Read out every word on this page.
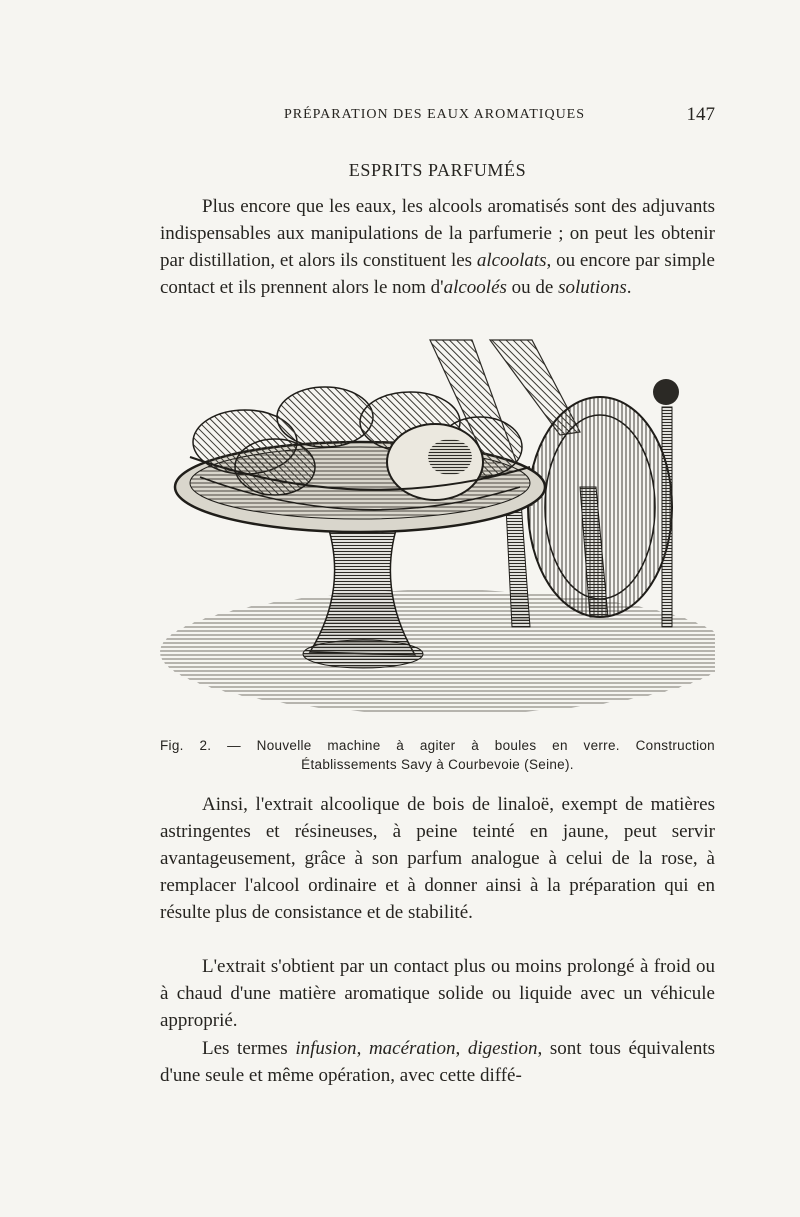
PRÉPARATION DES EAUX AROMATIQUES	147
ESPRITS PARFUMÉS

Plus encore que les eaux, les alcools aromatisés sont des adjuvants indispensables aux manipulations de la parfumerie ; on peut les obtenir par distillation, et alors ils constituent les alcoolats, ou encore par simple contact et ils prennent alors le nom d'alcoolés ou de solutions.

Fig. 2. — Nouvelle machine à agiter à boules en verre. Construction
Établissements Savy à Courbevoie (Seine).

Ainsi, l'extrait alcoolique de bois de linaloë, exempt de matières astringentes et résineuses, à peine teinté en jaune, peut servir avantageusement, grâce à son parfum analogue à celui de la rose, à remplacer l'alcool ordinaire et à donner ainsi à la préparation qui en résulte plus de consistance et de stabilité.

L'extrait s'obtient par un contact plus ou moins prolongé à froid ou à chaud d'une matière aromatique solide ou liquide avec un véhicule approprié.

Les termes infusion, macération, digestion, sont tous équivalents d'une seule et même opération, avec cette diffé-
